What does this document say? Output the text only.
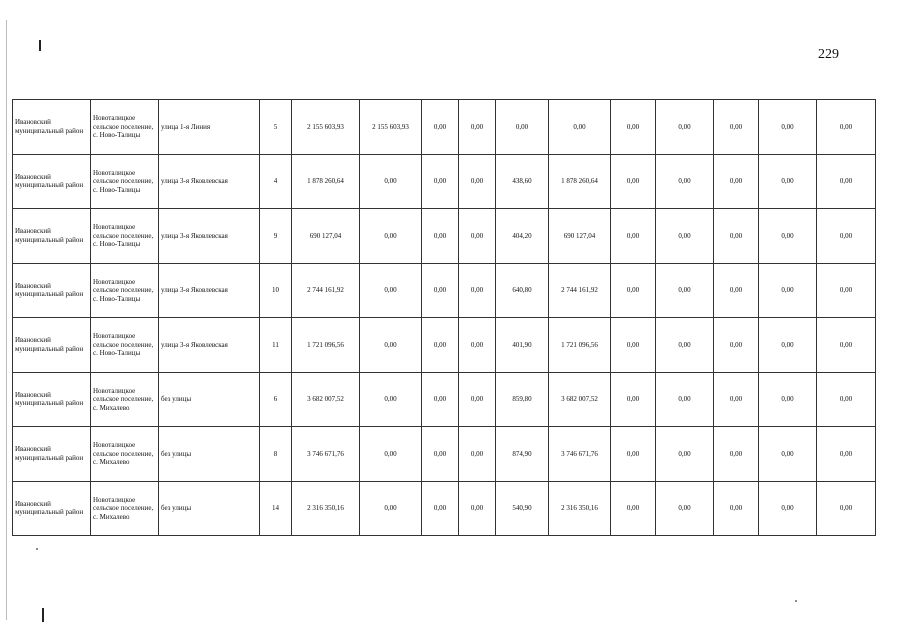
229
Ивановский муниципальный район	Новоталицкое сельское поселение, с. Ново-Талицы	улица 1-я Линия	5	2 155 603,93	2 155 603,93	0,00	0,00	0,00	0,00	0,00	0,00	0,00	0,00	0,00
Ивановский муниципальный район	Новоталицкое сельское поселение, с. Ново-Талицы	улица 3-я Яковлевская	4	1 878 260,64	0,00	0,00	0,00	438,60	1 878 260,64	0,00	0,00	0,00	0,00	0,00
Ивановский муниципальный район	Новоталицкое сельское поселение, с. Ново-Талицы	улица 3-я Яковлевская	9	690 127,04	0,00	0,00	0,00	404,20	690 127,04	0,00	0,00	0,00	0,00	0,00
Ивановский муниципальный район	Новоталицкое сельское поселение, с. Ново-Талицы	улица 3-я Яковлевская	10	2 744 161,92	0,00	0,00	0,00	640,80	2 744 161,92	0,00	0,00	0,00	0,00	0,00
Ивановский муниципальный район	Новоталицкое сельское поселение, с. Ново-Талицы	улица 3-я Яковлевская	11	1 721 096,56	0,00	0,00	0,00	401,90	1 721 096,56	0,00	0,00	0,00	0,00	0,00
Ивановский муниципальный район	Новоталицкое сельское поселение, с. Михалево	без улицы	6	3 682 007,52	0,00	0,00	0,00	859,80	3 682 007,52	0,00	0,00	0,00	0,00	0,00
Ивановский муниципальный район	Новоталицкое сельское поселение, с. Михалево	без улицы	8	3 746 671,76	0,00	0,00	0,00	874,90	3 746 671,76	0,00	0,00	0,00	0,00	0,00
Ивановский муниципальный район	Новоталицкое сельское поселение, с. Михалево	без улицы	14	2 316 350,16	0,00	0,00	0,00	540,90	2 316 350,16	0,00	0,00	0,00	0,00	0,00
